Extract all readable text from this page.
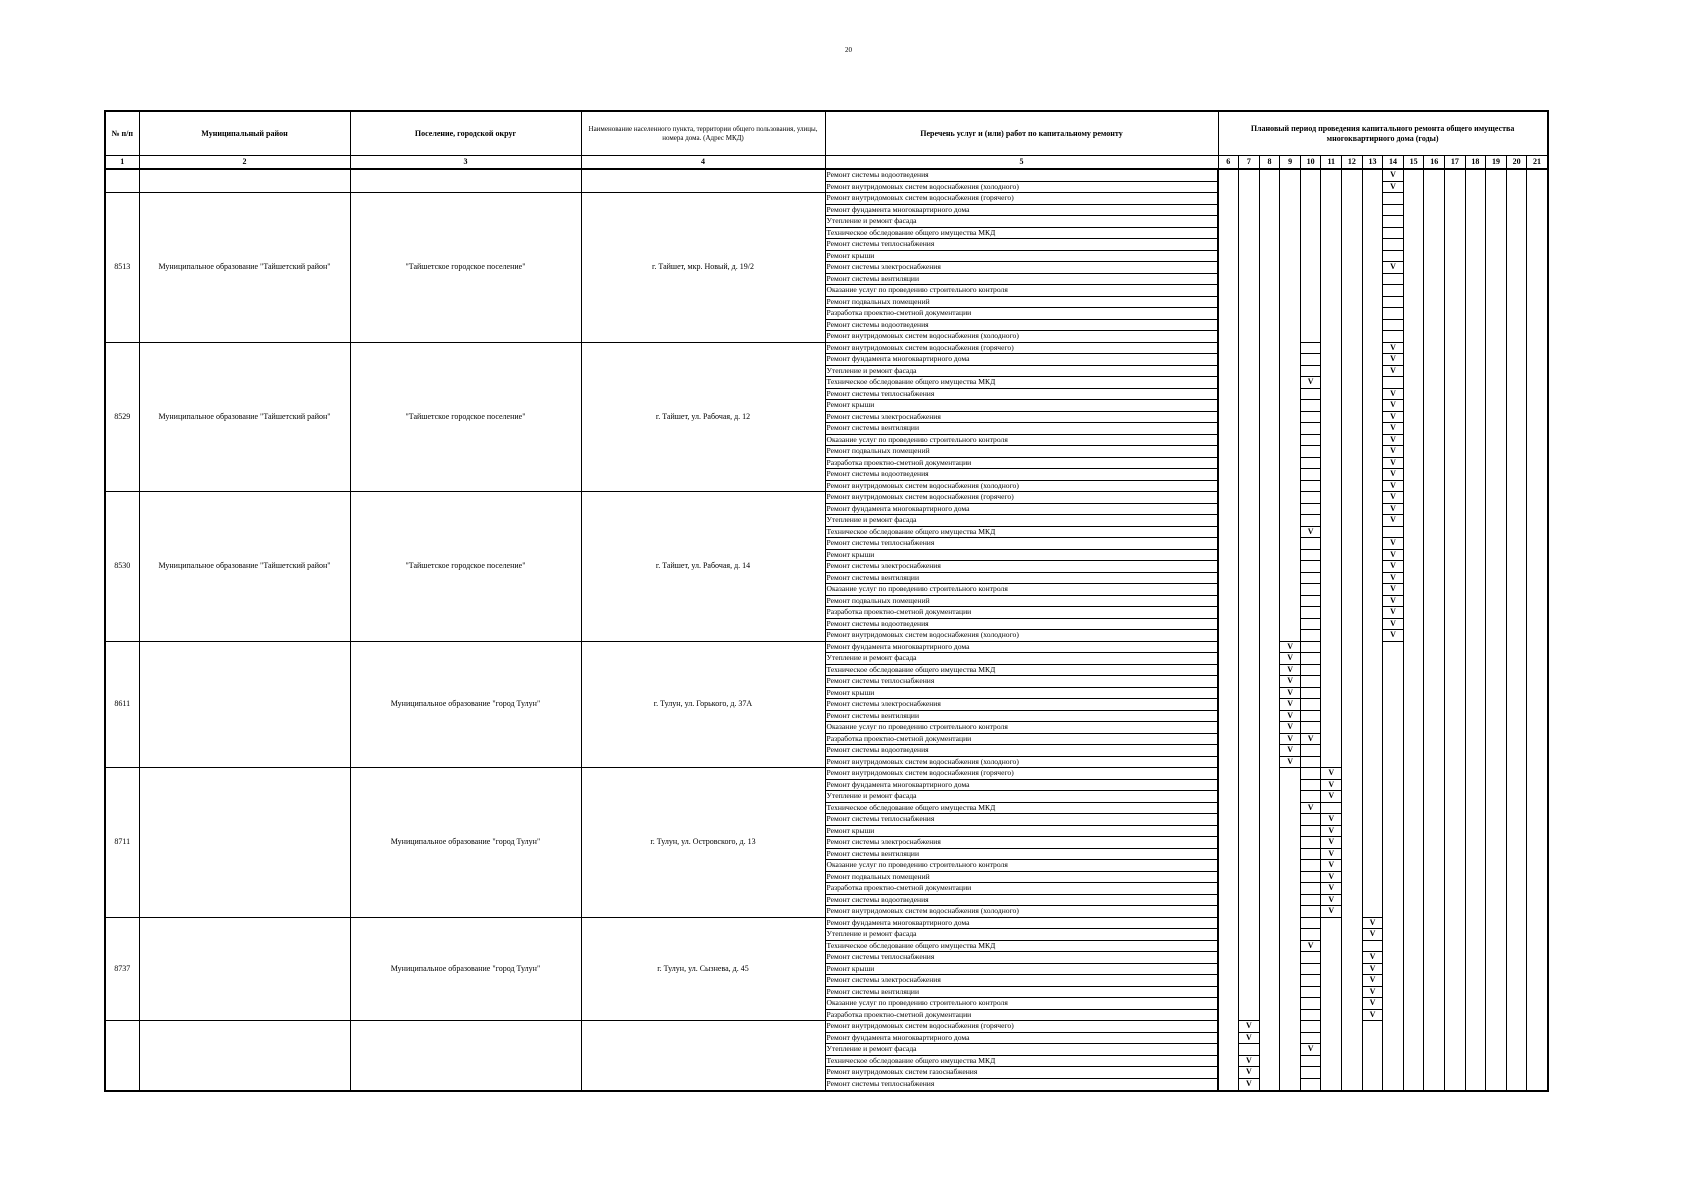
20
№ п/п	Муниципальный район	Поселение, городской округ	Наименование населенного пункта, территории общего пользования, улицы, номера дома. (Адрес МКД)	Перечень услуг и (или) работ по капитальному ремонту	Плановый период проведения капитального ремонта общего имущества многоквартирного дома (годы)															
1	2	3	4	5	6	7	8	9	10	11	12	13	14	15	16	17	18	19	20	21
				Ремонт системы водоотведения									V							
				Ремонт внутридомовых систем водоснабжения (холодного)									V							
8513	Муниципальное образование "Тайшетский район"	"Тайшетское городское поселение"	г. Тайшет, мкр. Новый, д. 19/2	Ремонт внутридомовых систем водоснабжения (горячего)																
				Ремонт фундамента многоквартирного дома																
				Утепление и ремонт фасада																
				Техническое обследование общего имущества МКД																
				Ремонт системы теплоснабжения																
				Ремонт крыши																
				Ремонт системы электроснабжения									V							
				Ремонт системы вентиляции																
				Оказание услуг по проведению строительного контроля																
				Ремонт подвальных помещений																
				Разработка проектно-сметной документации																
				Ремонт системы водоотведения																
				Ремонт внутридомовых систем водоснабжения (холодного)																
8529	Муниципальное образование "Тайшетский район"	"Тайшетское городское поселение"	г. Тайшет, ул. Рабочая, д. 12	Ремонт внутридомовых систем водоснабжения (горячего)									V							
				Ремонт фундамента многоквартирного дома									V							
				Утепление и ремонт фасада									V							
				Техническое обследование общего имущества МКД					V											
				Ремонт системы теплоснабжения									V							
				Ремонт крыши									V							
				Ремонт системы электроснабжения									V							
				Ремонт системы вентиляции									V							
				Оказание услуг по проведению строительного контроля									V							
				Ремонт подвальных помещений									V							
				Разработка проектно-сметной документации									V							
				Ремонт системы водоотведения									V							
				Ремонт внутридомовых систем водоснабжения (холодного)									V							
8530	Муниципальное образование "Тайшетский район"	"Тайшетское городское поселение"	г. Тайшет, ул. Рабочая, д. 14	Ремонт внутридомовых систем водоснабжения (горячего)									V							
				Ремонт фундамента многоквартирного дома									V							
				Утепление и ремонт фасада									V							
				Техническое обследование общего имущества МКД					V											
				Ремонт системы теплоснабжения									V							
				Ремонт крыши									V							
				Ремонт системы электроснабжения									V							
				Ремонт системы вентиляции									V							
				Оказание услуг по проведению строительного контроля									V							
				Ремонт подвальных помещений									V							
				Разработка проектно-сметной документации									V							
				Ремонт системы водоотведения									V							
				Ремонт внутридомовых систем водоснабжения (холодного)									V							
8611		Муниципальное образование "город Тулун"	г. Тулун, ул. Горького, д. 37А	Ремонт фундамента многоквартирного дома				V												
				Утепление и ремонт фасада				V												
				Техническое обследование общего имущества МКД				V												
				Ремонт системы теплоснабжения				V												
				Ремонт крыши				V												
				Ремонт системы электроснабжения				V												
				Ремонт системы вентиляции				V												
				Оказание услуг по проведению строительного контроля				V												
				Разработка проектно-сметной документации				V	V											
				Ремонт системы водоотведения				V												
				Ремонт внутридомовых систем водоснабжения (холодного)				V												
8711		Муниципальное образование "город Тулун"	г. Тулун, ул. Островского, д. 13	Ремонт внутридомовых систем водоснабжения (горячего)						V										
				Ремонт фундамента многоквартирного дома						V										
				Утепление и ремонт фасада						V										
				Техническое обследование общего имущества МКД					V											
				Ремонт системы теплоснабжения						V										
				Ремонт крыши						V										
				Ремонт системы электроснабжения						V										
				Ремонт системы вентиляции						V										
				Оказание услуг по проведению строительного контроля						V										
				Ремонт подвальных помещений						V										
				Разработка проектно-сметной документации						V										
				Ремонт системы водоотведения						V										
				Ремонт внутридомовых систем водоснабжения (холодного)						V										
8737		Муниципальное образование "город Тулун"	г. Тулун, ул. Сызнева, д. 45	Ремонт фундамента многоквартирного дома								V								
				Утепление и ремонт фасада								V								
				Техническое обследование общего имущества МКД					V											
				Ремонт системы теплоснабжения								V								
				Ремонт крыши								V								
				Ремонт системы электроснабжения								V								
				Ремонт системы вентиляции								V								
				Оказание услуг по проведению строительного контроля								V								
				Разработка проектно-сметной документации								V								
				Ремонт внутридомовых систем водоснабжения (горячего)		V														
				Ремонт фундамента многоквартирного дома		V														
				Утепление и ремонт фасада					V											
				Техническое обследование общего имущества МКД		V														
				Ремонт внутридомовых систем газоснабжения		V														
				Ремонт системы теплоснабжения		V														
